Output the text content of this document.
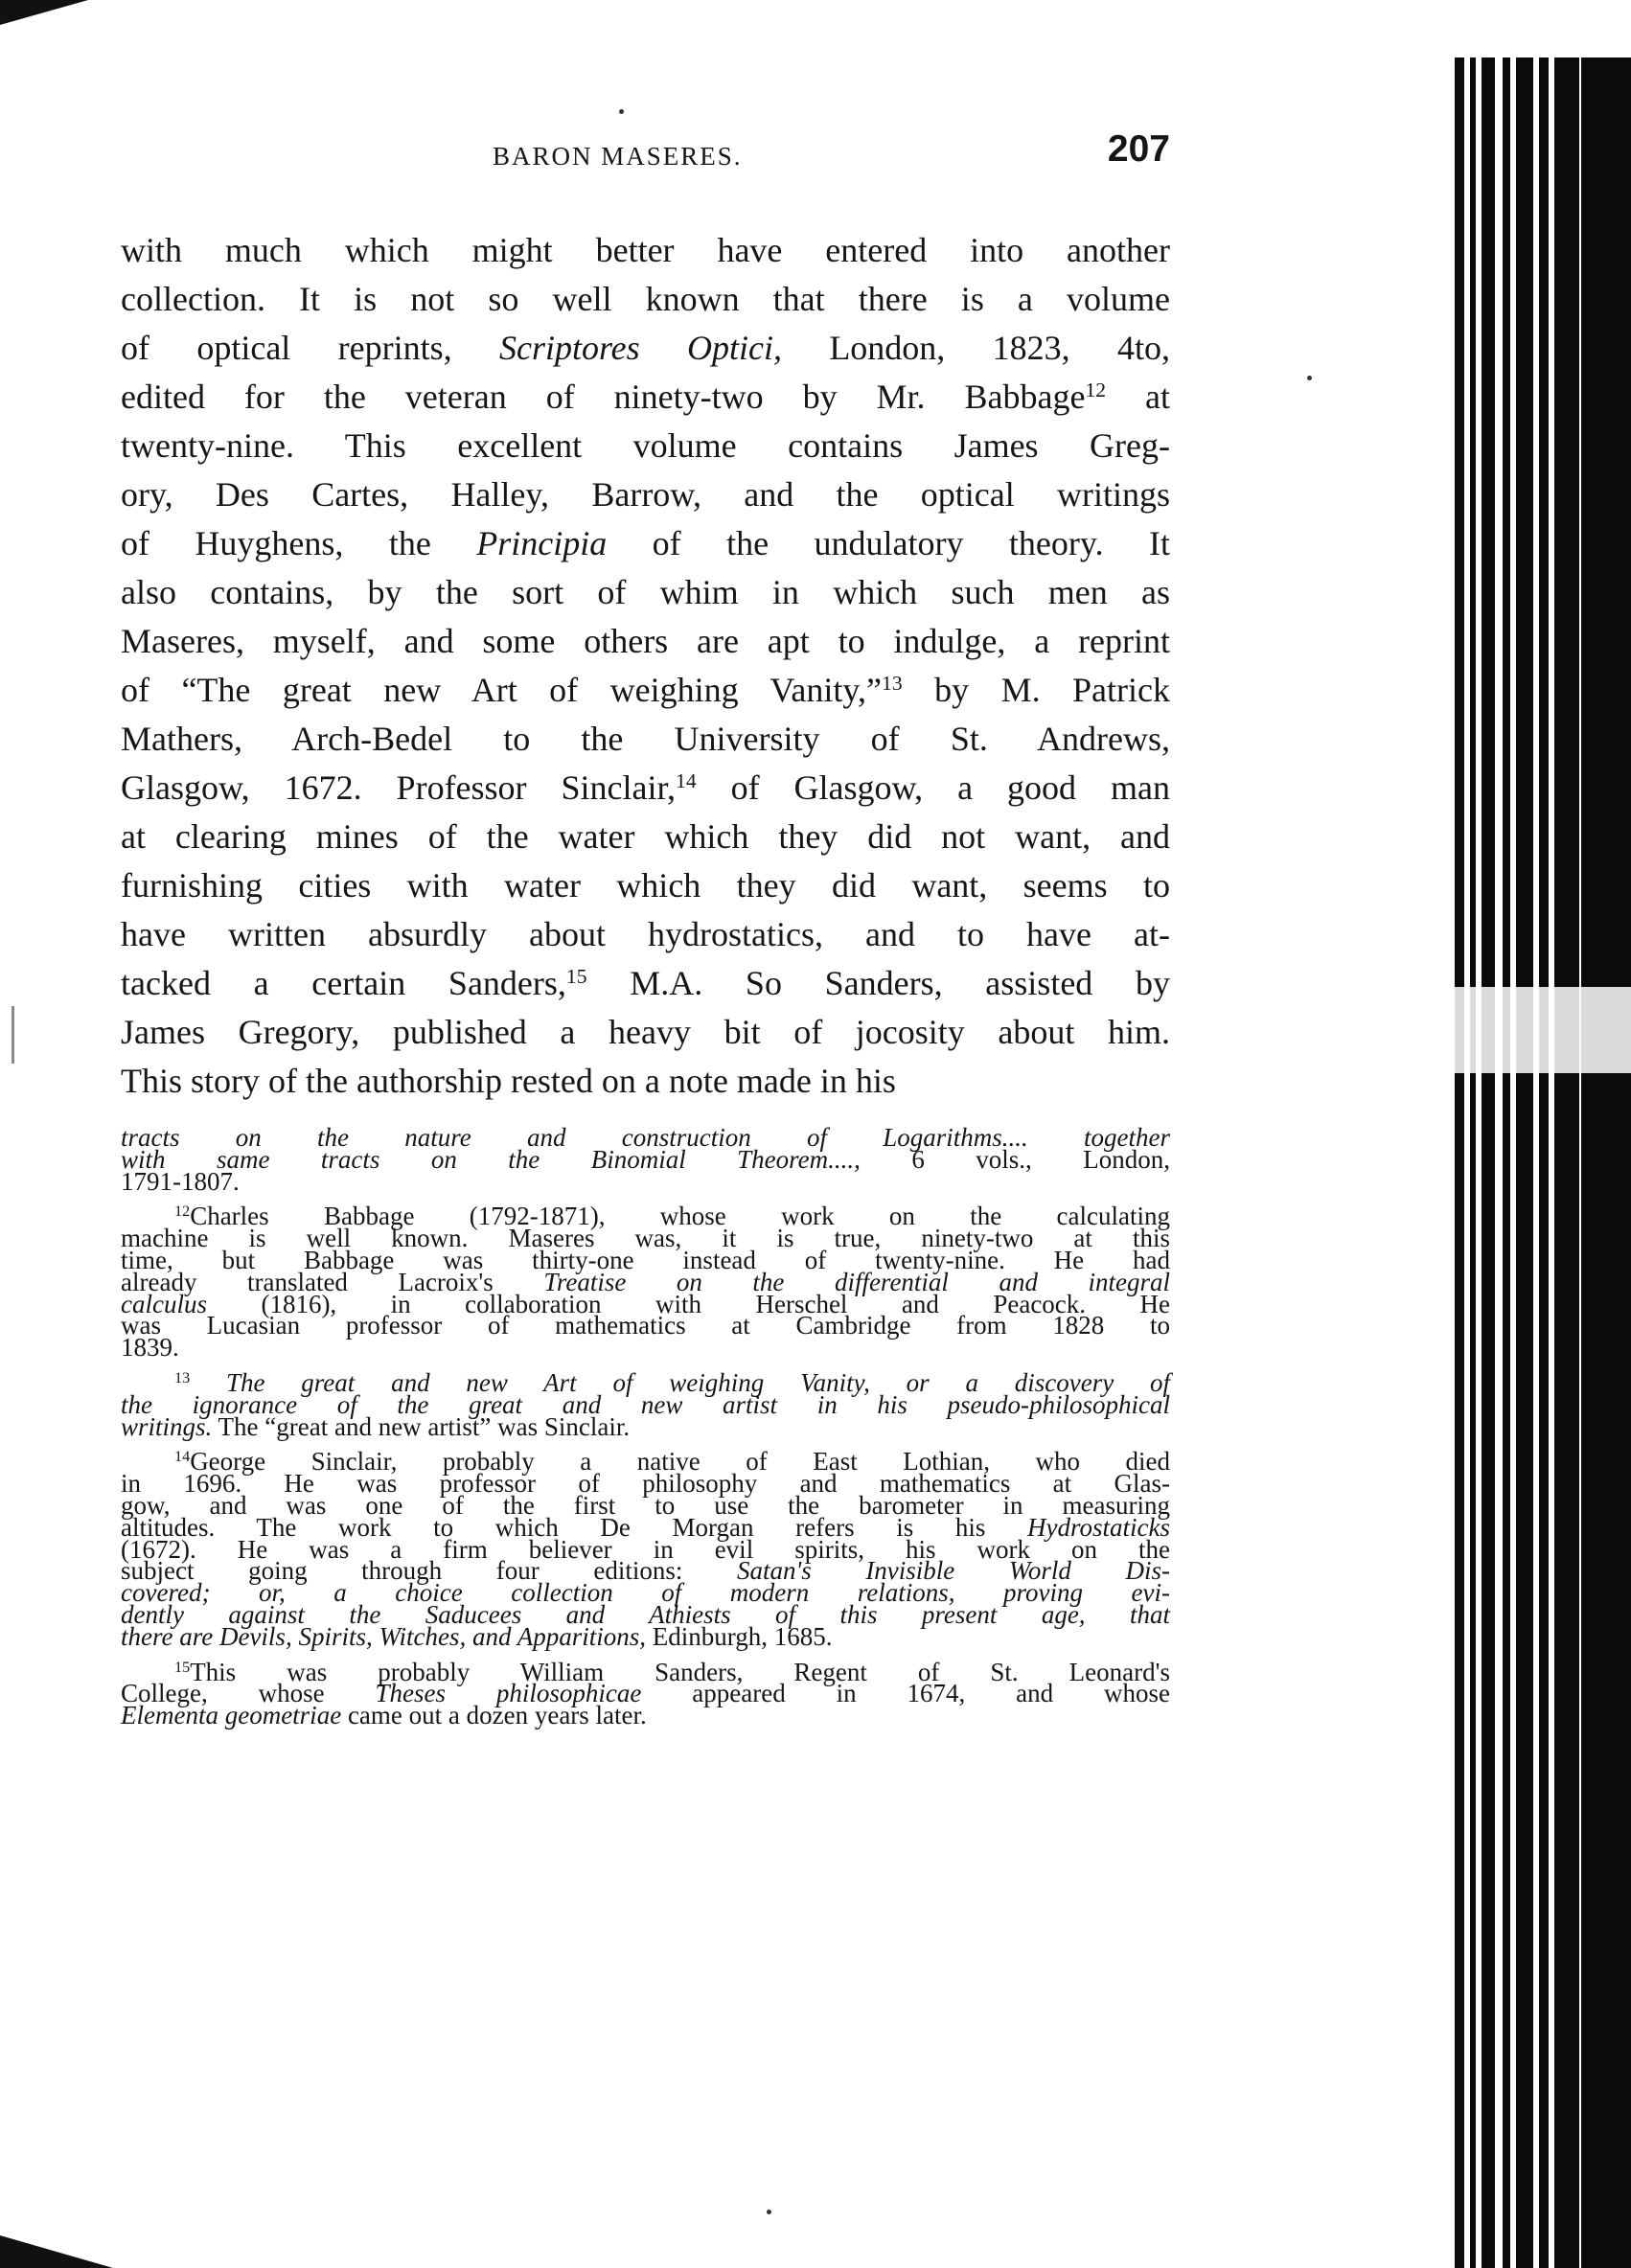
BARON MASERES.	207
with much which might better have entered into another
collection. It is not so well known that there is a volume
of optical reprints, Scriptores Optici, London, 1823, 4to,
edited for the veteran of ninety-two by Mr. Babbage$^{12}$ at
twenty-nine. This excellent volume contains James Greg-
ory, Des Cartes, Halley, Barrow, and the optical writings
of Huyghens, the Principia of the undulatory theory. It
also contains, by the sort of whim in which such men as
Maseres, myself, and some others are apt to indulge, a reprint
of “The great new Art of weighing Vanity,”$^{13}$ by M. Patrick
Mathers, Arch-Bedel to the University of St. Andrews,
Glasgow, 1672. Professor Sinclair,$^{14}$ of Glasgow, a good man
at clearing mines of the water which they did not want, and
furnishing cities with water which they did want, seems to
have written absurdly about hydrostatics, and to have at-
tacked a certain Sanders,$^{15}$ M.A. So Sanders, assisted by
James Gregory, published a heavy bit of jocosity about him.
This story of the authorship rested on a note made in his
tracts on the nature and construction of Logarithms.... together
with same tracts on the Binomial Theorem...., 6 vols., London,
1791-1807.
$^{12}$Charles Babbage (1792-1871), whose work on the calculating
machine is well known. Maseres was, it is true, ninety-two at this
time, but Babbage was thirty-one instead of twenty-nine. He had
already translated Lacroix's Treatise on the differential and integral
calculus (1816), in collaboration with Herschel and Peacock. He
was Lucasian professor of mathematics at Cambridge from 1828 to
1839.
$^{13}$ The great and new Art of weighing Vanity, or a discovery of
the ignorance of the great and new artist in his pseudo-philosophical
writings. The “great and new artist” was Sinclair.
$^{14}$George Sinclair, probably a native of East Lothian, who died
in 1696. He was professor of philosophy and mathematics at Glas-
gow, and was one of the first to use the barometer in measuring
altitudes. The work to which De Morgan refers is his Hydrostaticks
(1672). He was a firm believer in evil spirits, his work on the
subject going through four editions: Satan's Invisible World Dis-
covered; or, a choice collection of modern relations, proving evi-
dently against the Saducees and Athiests of this present age, that
there are Devils, Spirits, Witches, and Apparitions, Edinburgh, 1685.
$^{15}$This was probably William Sanders, Regent of St. Leonard's
College, whose Theses philosophicae appeared in 1674, and whose
Elementa geometriae came out a dozen years later.
